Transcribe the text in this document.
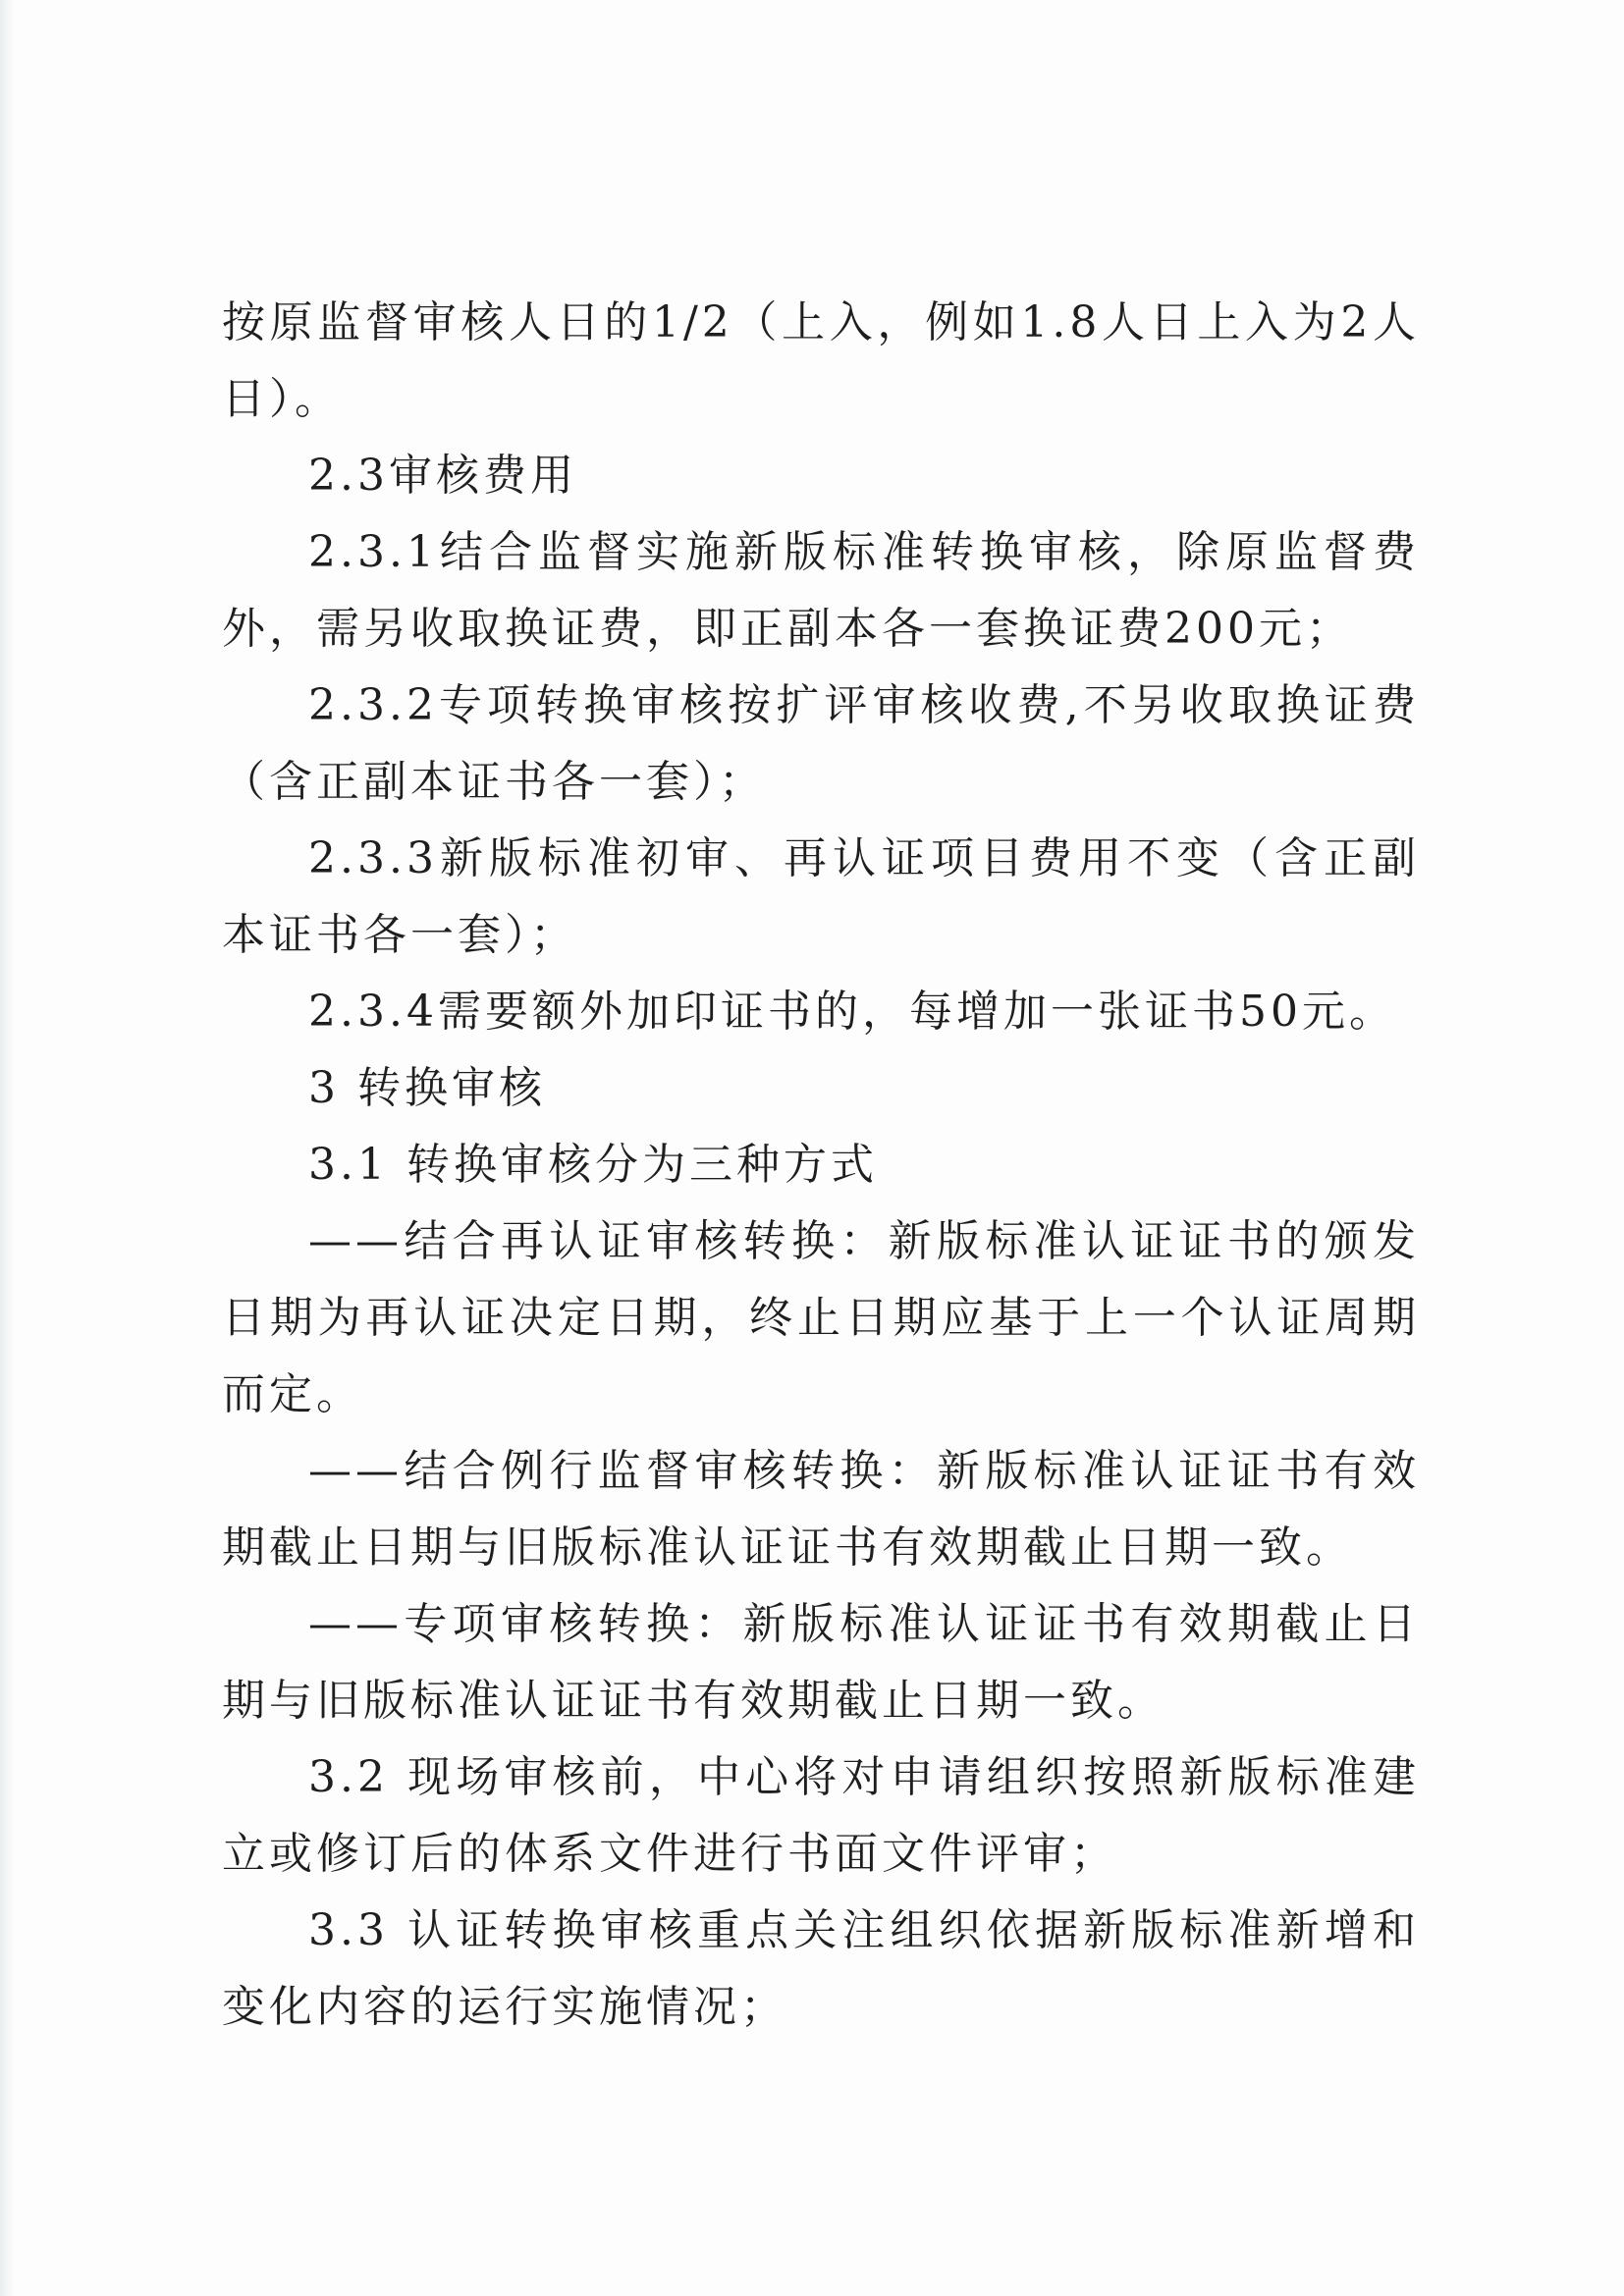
按原监督审核人日的1/2（上入，例如1.8人日上入为2人日）。

2.3审核费用

2.3.1结合监督实施新版标准转换审核，除原监督费外，需另收取换证费，即正副本各一套换证费200元；

2.3.2专项转换审核按扩评审核收费,不另收取换证费（含正副本证书各一套）；

2.3.3新版标准初审、再认证项目费用不变（含正副本证书各一套）；

2.3.4需要额外加印证书的，每增加一张证书50元。

3 转换审核

3.1 转换审核分为三种方式

——结合再认证审核转换：新版标准认证证书的颁发日期为再认证决定日期，终止日期应基于上一个认证周期而定。

——结合例行监督审核转换：新版标准认证证书有效期截止日期与旧版标准认证证书有效期截止日期一致。

——专项审核转换：新版标准认证证书有效期截止日期与旧版标准认证证书有效期截止日期一致。

3.2 现场审核前，中心将对申请组织按照新版标准建立或修订后的体系文件进行书面文件评审；

3.3 认证转换审核重点关注组织依据新版标准新增和变化内容的运行实施情况；
